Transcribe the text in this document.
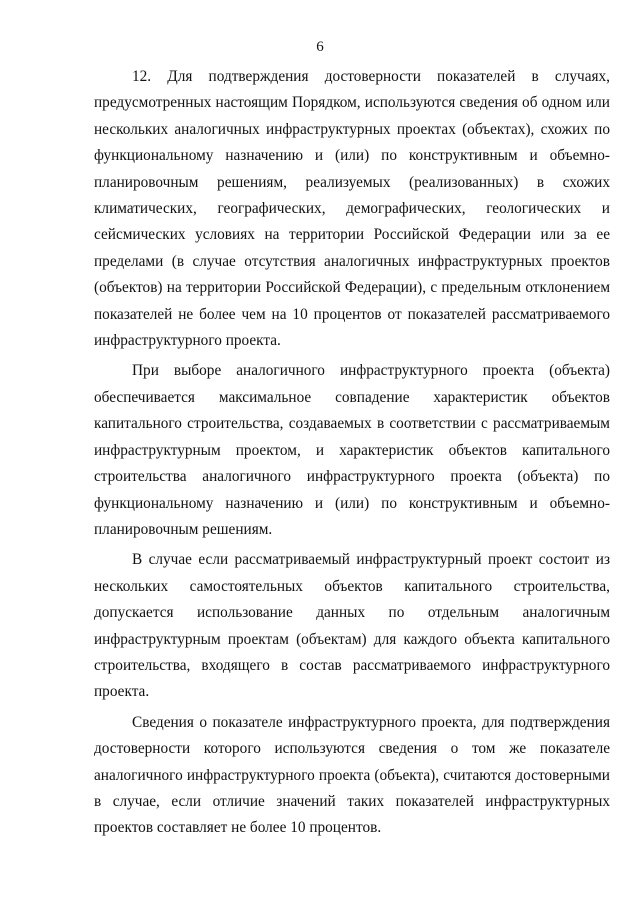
6

12. Для подтверждения достоверности показателей в случаях, предусмотренных настоящим Порядком, используются сведения об одном или нескольких аналогичных инфраструктурных проектах (объектах), схожих по функциональному назначению и (или) по конструктивным и объемно-планировочным решениям, реализуемых (реализованных) в схожих климатических, географических, демографических, геологических и сейсмических условиях на территории Российской Федерации или за ее пределами (в случае отсутствия аналогичных инфраструктурных проектов (объектов) на территории Российской Федерации), с предельным отклонением показателей не более чем на 10 процентов от показателей рассматриваемого инфраструктурного проекта.

При выборе аналогичного инфраструктурного проекта (объекта) обеспечивается максимальное совпадение характеристик объектов капитального строительства, создаваемых в соответствии с рассматриваемым инфраструктурным проектом, и характеристик объектов капитального строительства аналогичного инфраструктурного проекта (объекта) по функциональному назначению и (или) по конструктивным и объемно-планировочным решениям.

В случае если рассматриваемый инфраструктурный проект состоит из нескольких самостоятельных объектов капитального строительства, допускается использование данных по отдельным аналогичным инфраструктурным проектам (объектам) для каждого объекта капитального строительства, входящего в состав рассматриваемого инфраструктурного проекта.

Сведения о показателе инфраструктурного проекта, для подтверждения достоверности которого используются сведения о том же показателе аналогичного инфраструктурного проекта (объекта), считаются достоверными в случае, если отличие значений таких показателей инфраструктурных проектов составляет не более 10 процентов.
